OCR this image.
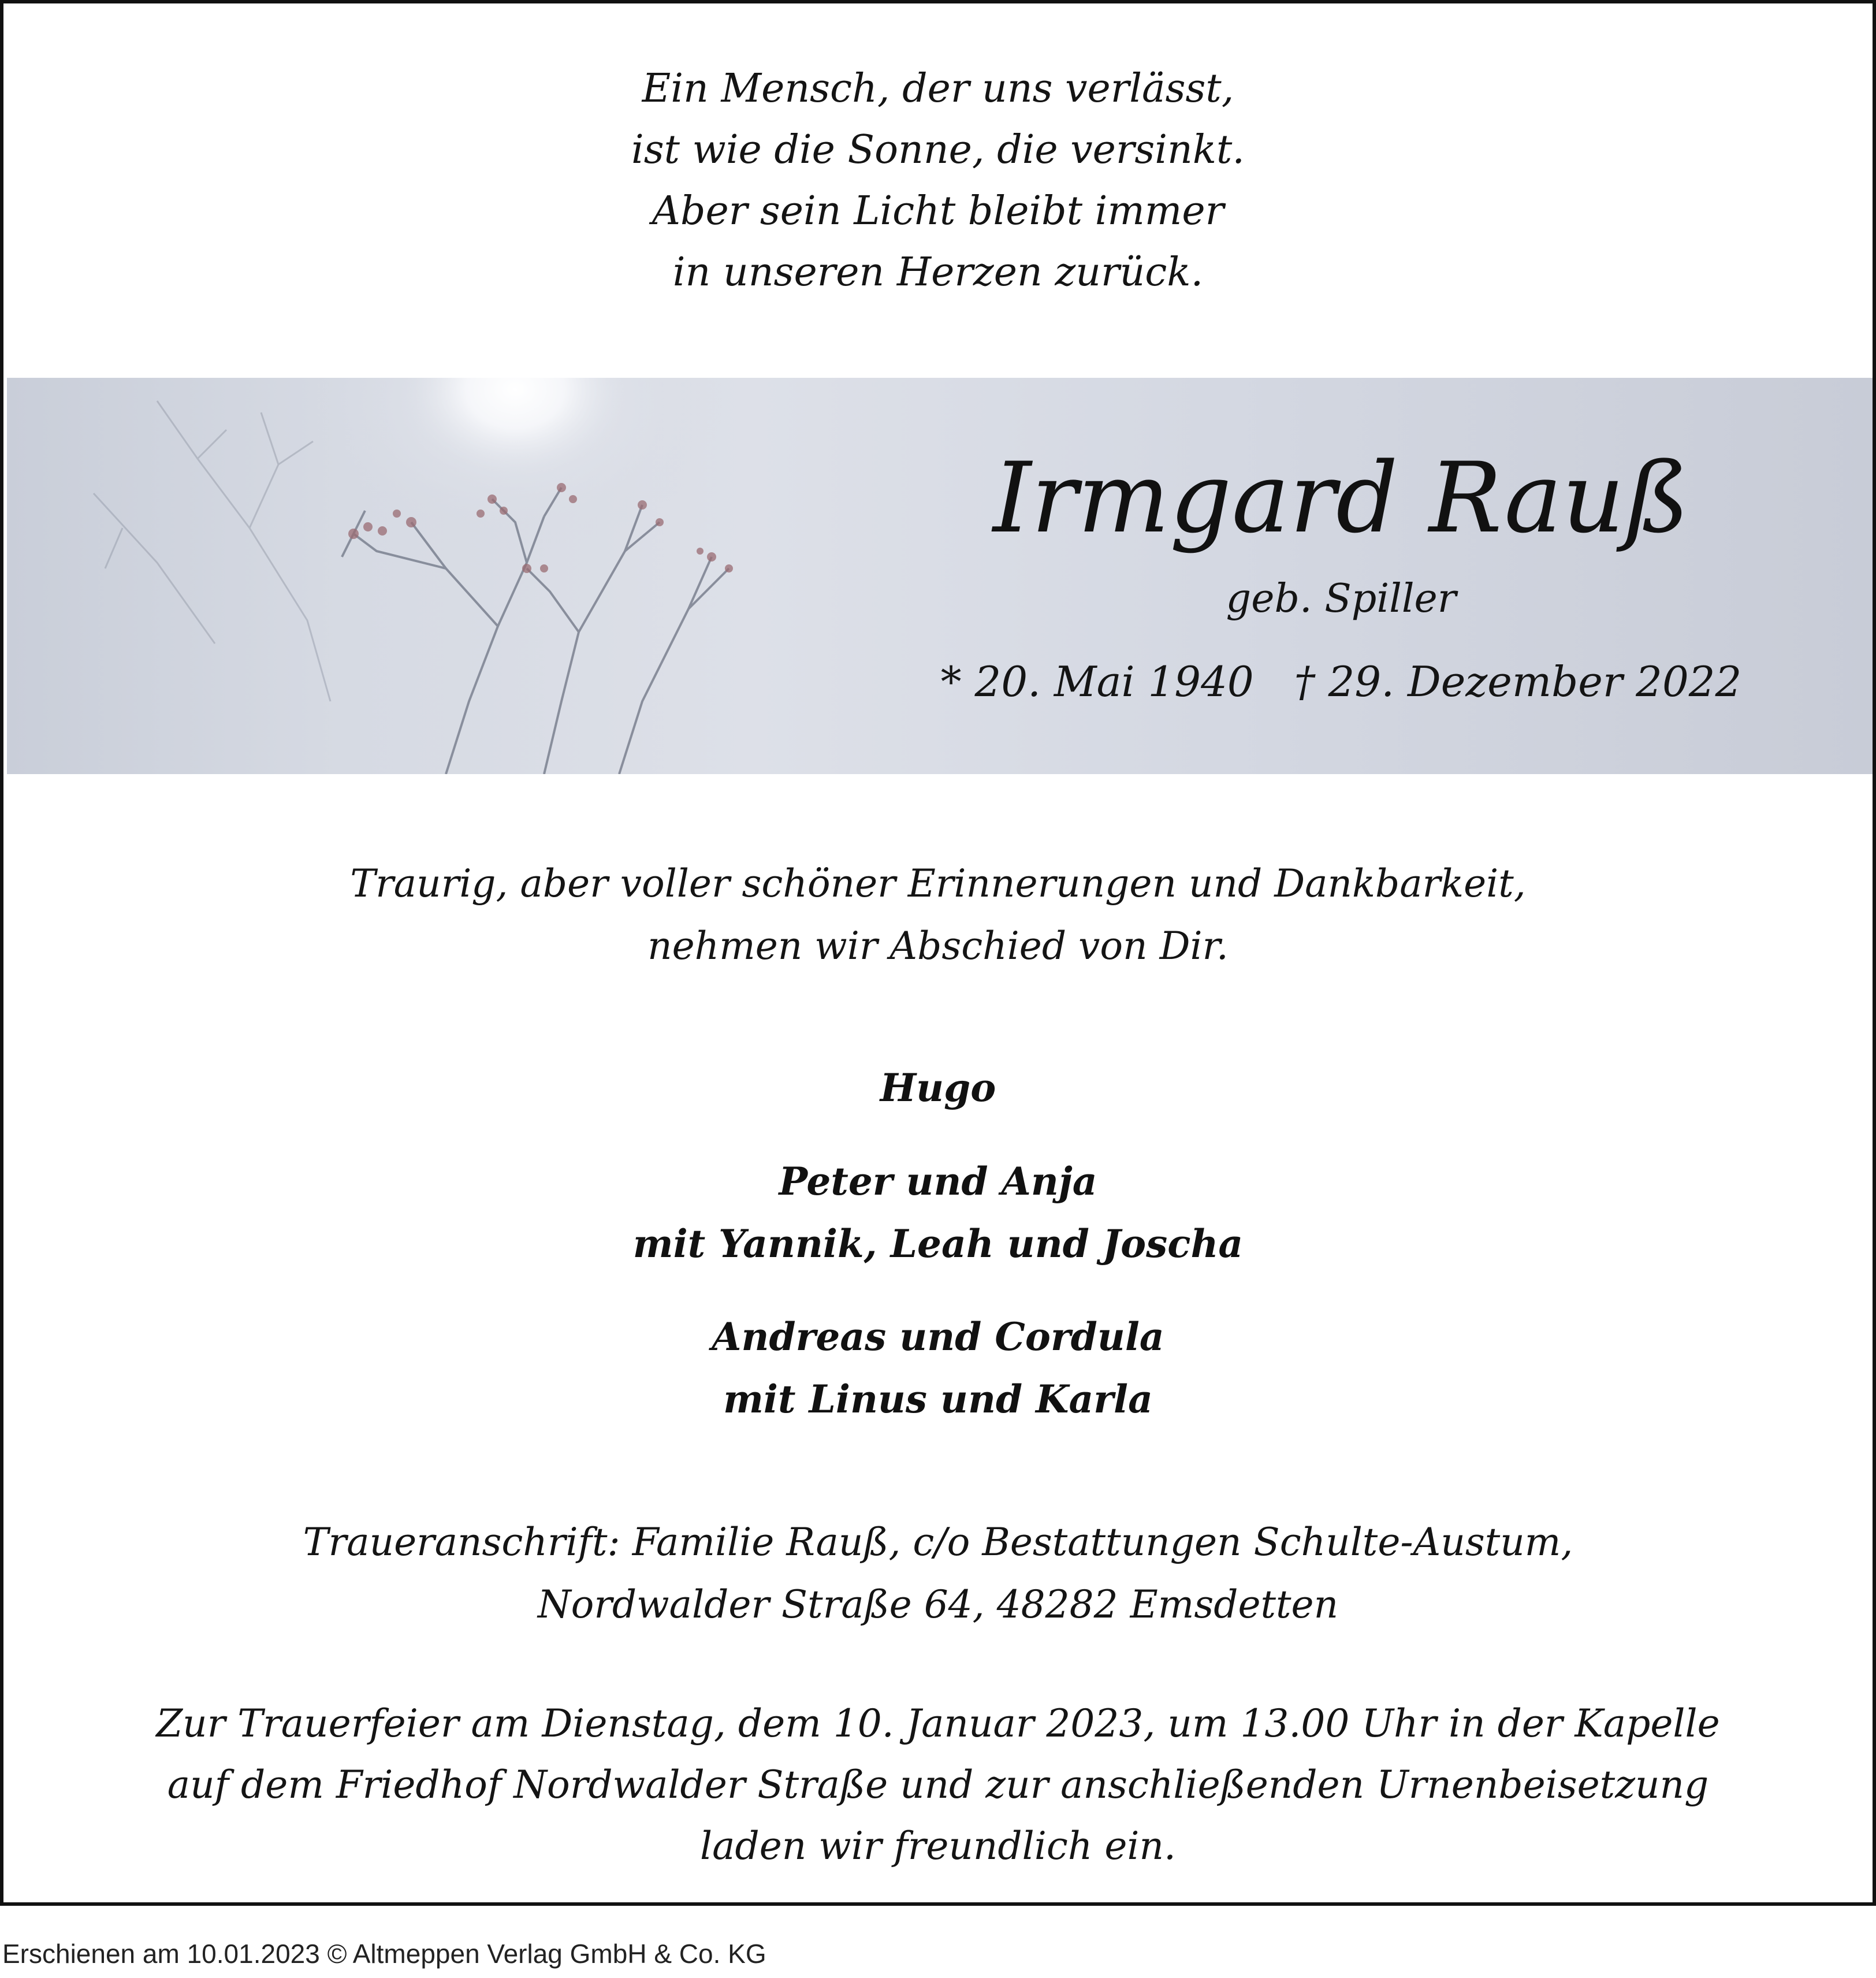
Ein Mensch, der uns verlässt,
ist wie die Sonne, die versinkt.
Aber sein Licht bleibt immer
in unseren Herzen zurück.
Irmgard Rauß
geb. Spiller
* 20. Mai 1940 † 29. Dezember 2022
Traurig, aber voller schöner Erinnerungen und Dankbarkeit,
nehmen wir Abschied von Dir.
Hugo
Peter und Anja
mit Yannik, Leah und Joscha
Andreas und Cordula
mit Linus und Karla
Traueranschrift: Familie Rauß, c/o Bestattungen Schulte-Austum,
Nordwalder Straße 64, 48282 Emsdetten
Zur Trauerfeier am Dienstag, dem 10. Januar 2023, um 13.00 Uhr in der Kapelle
auf dem Friedhof Nordwalder Straße und zur anschließenden Urnenbeisetzung
laden wir freundlich ein.
Erschienen am 10.01.2023 © Altmeppen Verlag GmbH & Co. KG
